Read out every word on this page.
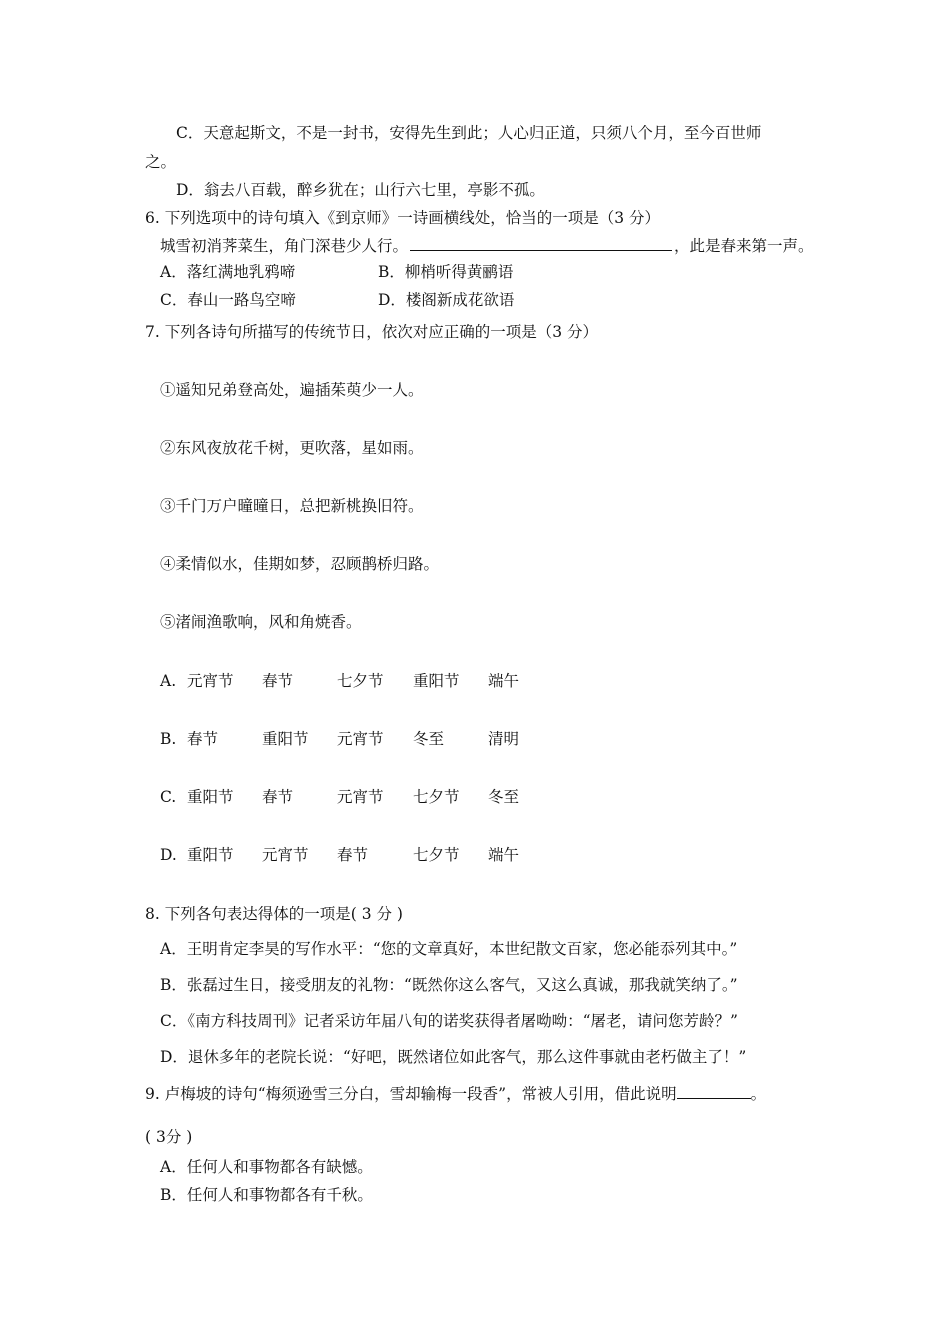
C．天意起斯文，不是一封书，安得先生到此；人心归正道，只须八个月，至今百世师
之。
D．翁去八百载，醉乡犹在；山行六七里，亭影不孤。
6. 下列选项中的诗句填入《到京师》一诗画横线处，恰当的一项是（3 分）
城雪初消荠菜生，角门深巷少人行。	，此是春来第一声。
A．落红满地乳鸦啼	B．柳梢听得黄鹂语
C．春山一路鸟空啼	D．楼阁新成花欲语
7. 下列各诗句所描写的传统节日，依次对应正确的一项是（3 分）
①遥知兄弟登高处，遍插茱萸少一人。
②东风夜放花千树，更吹落，星如雨。
③千门万户曈曈日，总把新桃换旧符。
④柔情似水，佳期如梦，忍顾鹊桥归路。
⑤渚闹渔歌响，风和角焼香。
A. 元宵节 春节	七夕节 重阳节 端午
B. 春节	重阳节 元宵节 冬至	清明
C. 重阳节 春节	元宵节 七夕节 冬至
D. 重阳节 元宵节 春节	七夕节 端午
8. 下列各句表达得体的一项是( 3 分 )
A．王明肯定李昊的写作水平：“您的文章真好，本世纪散文百家，您必能忝列其中。”
B．张磊过生日，接受朋友的礼物：“既然你这么客气，又这么真诚，那我就笑纳了。”
C．《南方科技周刊》记者采访年届八旬的诺奖获得者屠呦呦：“屠老，请问您芳龄？”
D．退休多年的老院长说：“好吧，既然诸位如此客气，那么这件事就由老朽做主了！”
9. 卢梅坡的诗句“梅须逊雪三分白，雪却输梅一段香”，常被人引用，借此说明	。
( 3分 )
A．任何人和事物都各有缺憾。
B．任何人和事物都各有千秋。
